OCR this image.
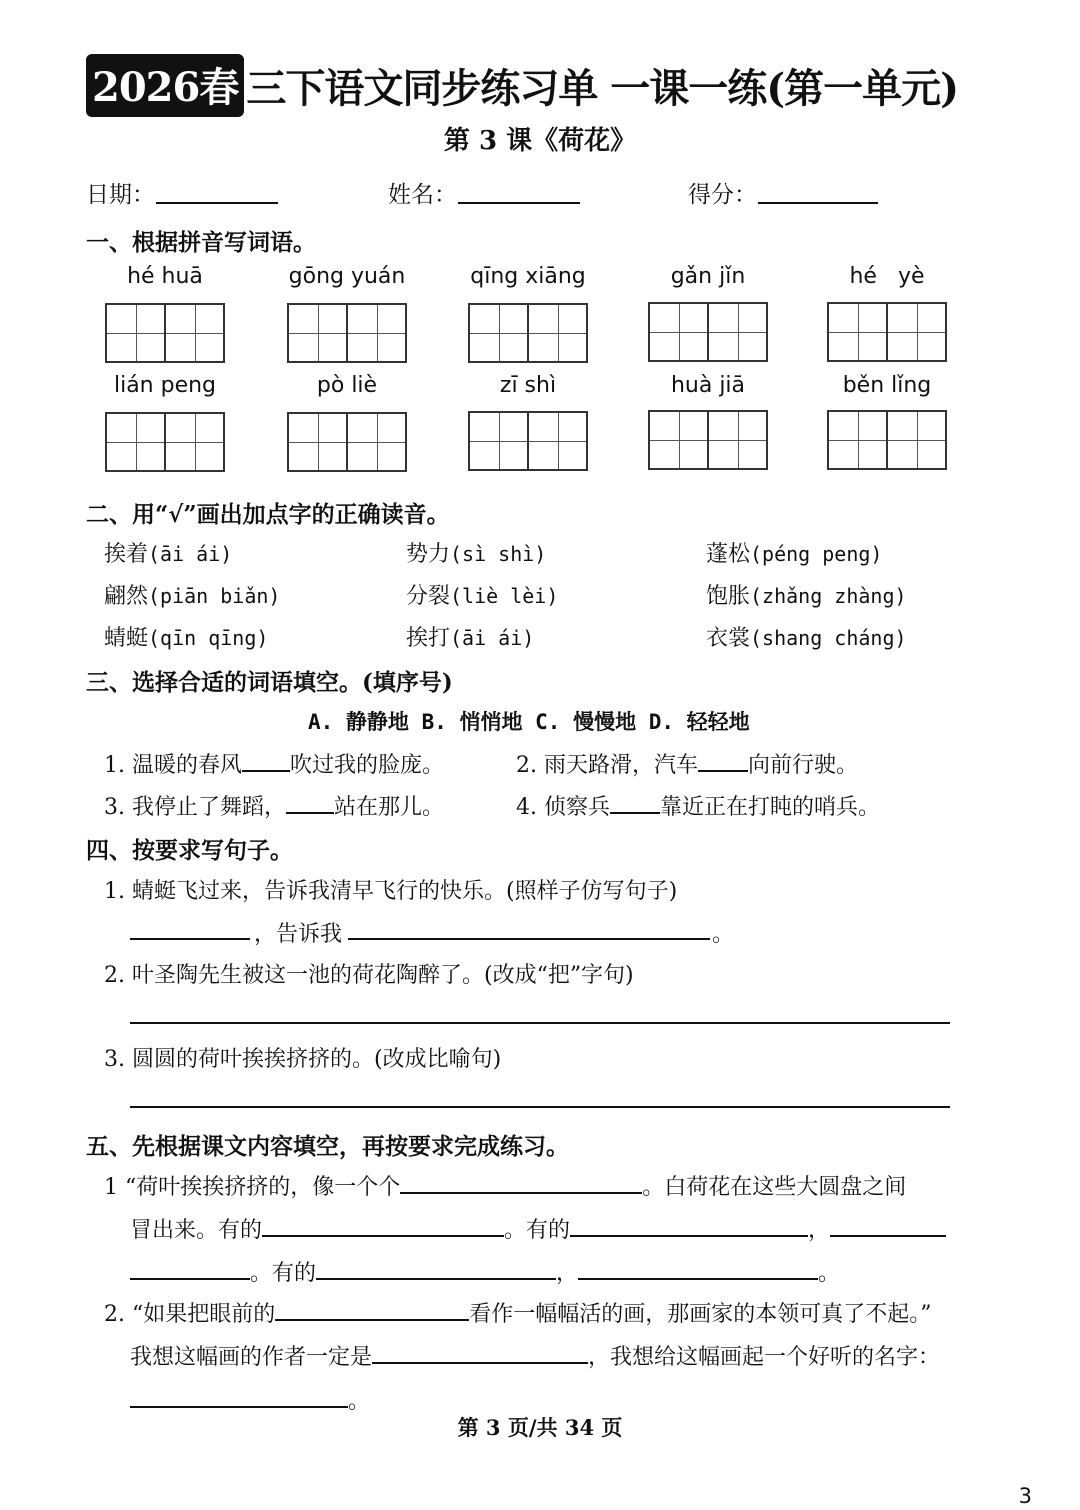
2026春 三下语文同步练习单 一课一练(第一单元)
第 3 课《荷花》
日期：	姓名：	得分：
一、根据拼音写词语。
hé huā	gōng yuán	qīng xiāng	gǎn jǐn	hé   yè
lián peng	pò liè	zī shì	huà jiā	běn lǐng
二、用“√”画出加点字的正确读音。
挨着(āi ái)	势力(sì shì)	蓬松(péng peng)
翩然(piān biǎn)	分裂(liè lèi)	饱胀(zhǎng zhàng)
蜻蜓(qīn qīng)	挨打(āi ái)	衣裳(shang cháng)
三、选择合适的词语填空。(填序号)
A. 静静地 B. 悄悄地 C. 慢慢地 D. 轻轻地
1. 温暖的春风 吹过我的脸庞。	2. 雨天路滑，汽车 向前行驶。
3. 我停止了舞蹈， 站在那儿。	4. 侦察兵 靠近正在打盹的哨兵。
四、按要求写句子。
1. 蜻蜓飞过来，告诉我清早飞行的快乐。(照样子仿写句子)
，告诉我	。
2. 叶圣陶先生被这一池的荷花陶醉了。(改成“把”字句)
3. 圆圆的荷叶挨挨挤挤的。(改成比喻句)
五、先根据课文内容填空，再按要求完成练习。
1 “荷叶挨挨挤挤的，像一个个	。白荷花在这些大圆盘之间
冒出来。有的	。有的	，
。有的	，	。
2. “如果把眼前的	看作一幅幅活的画，那画家的本领可真了不起。”
我想这幅画的作者一定是	，我想给这幅画起一个好听的名字：
。
第 3 页/共 34 页
3
